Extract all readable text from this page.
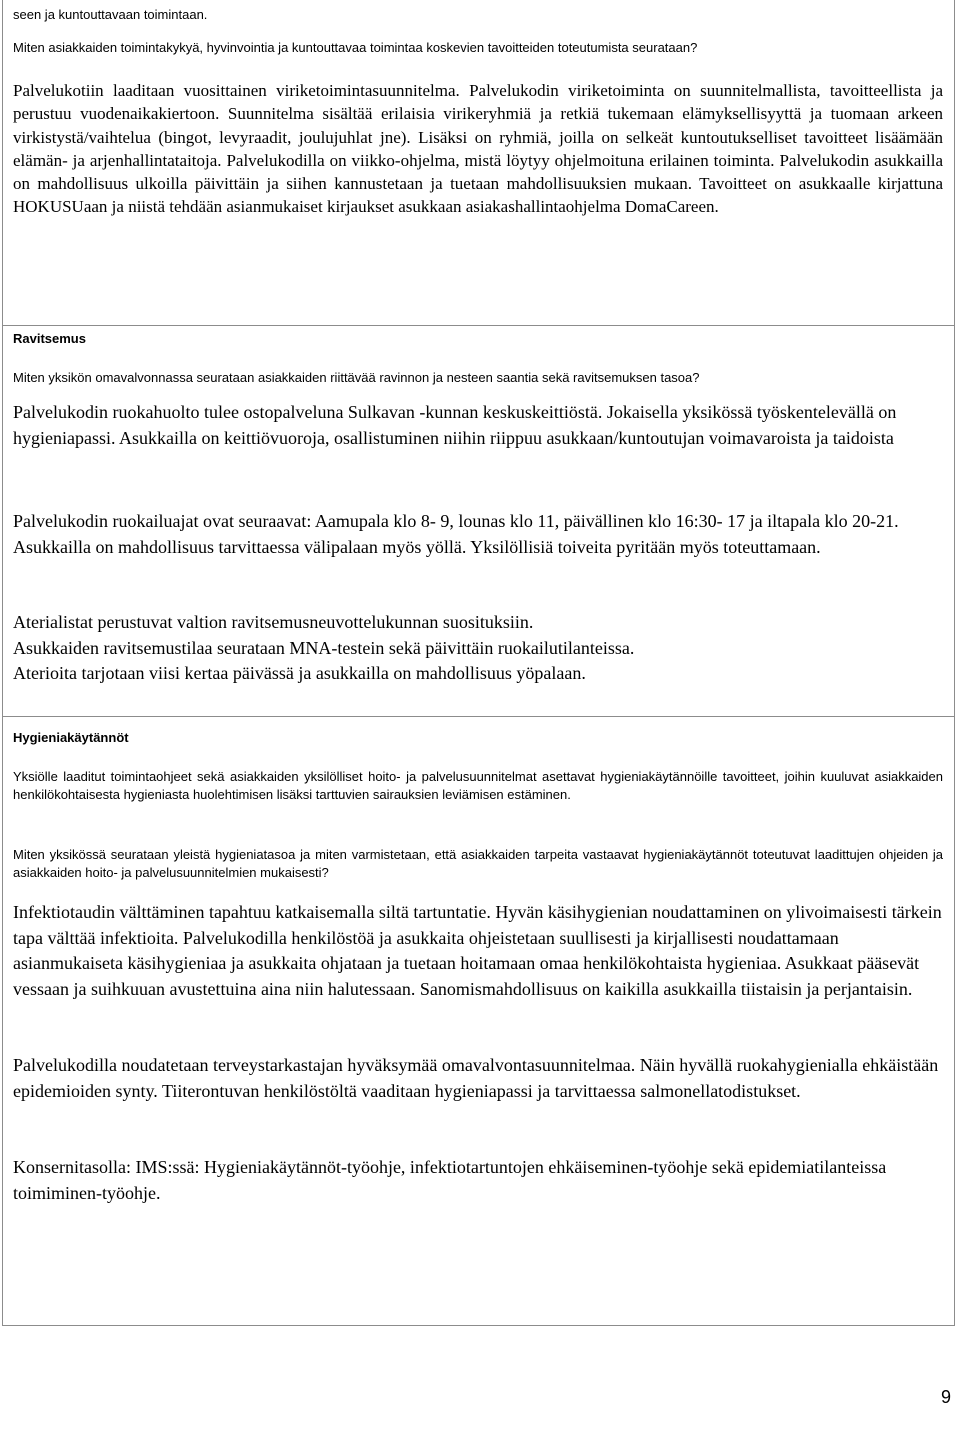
seen ja kuntouttavaan toimintaan.

Miten asiakkaiden toimintakykyä, hyvinvointia ja kuntouttavaa toimintaa koskevien tavoitteiden toteutumista seurataan?

Palvelukotiin laaditaan vuosittainen viriketoimintasuunnitelma. Palvelukodin viriketoiminta on suunnitelmallista, tavoitteellista ja perustuu vuodenaikakiertoon. Suunnitelma sisältää erilaisia virikeryhmiä ja retkiä tukemaan elämyksellisyyttä ja tuomaan arkeen virkistystä/vaihtelua (bingot, levyraadit, joulujuhlat jne). Lisäksi on ryhmiä, joilla on selkeät kuntoutukselliset tavoitteet lisäämään elämän- ja arjenhallintataitoja. Palvelukodilla on viikko-ohjelma, mistä löytyy ohjelmoituna erilainen toiminta. Palvelukodin asukkailla on mahdollisuus ulkoilla päivittäin ja siihen kannustetaan ja tuetaan mahdollisuuksien mukaan. Tavoitteet on asukkaalle kirjattuna HOKUSUaan ja niistä tehdään asianmukaiset kirjaukset asukkaan asiakashallintaohjelma DomaCareen.

Ravitsemus

Miten yksikön omavalvonnassa seurataan asiakkaiden riittävää ravinnon ja nesteen saantia sekä ravitsemuksen tasoa?

Palvelukodin ruokahuolto tulee ostopalveluna Sulkavan -kunnan keskuskeittiöstä. Jokaisella yksikössä työskentelevällä on hygieniapassi. Asukkailla on keittiövuoroja, osallistuminen niihin riippuu asukkaan/kuntoutujan voimavaroista ja taidoista

Palvelukodin ruokailuajat ovat seuraavat: Aamupala klo 8- 9, lounas klo 11, päivällinen klo 16:30- 17 ja iltapala klo 20-21. Asukkailla on mahdollisuus tarvittaessa välipalaan myös yöllä. Yksilöllisiä toiveita pyritään myös toteuttamaan.

Aterialistat perustuvat valtion ravitsemusneuvottelukunnan suosituksiin.

Asukkaiden ravitsemustilaa seurataan MNA-testein sekä päivittäin ruokailutilanteissa.

Aterioita tarjotaan viisi kertaa päivässä ja asukkailla on mahdollisuus yöpalaan.

Hygieniakäytännöt

Yksiölle laaditut toimintaohjeet sekä asiakkaiden yksilölliset hoito- ja palvelusuunnitelmat asettavat hygieniakäytännöille tavoitteet, joihin kuuluvat asiakkaiden henkilökohtaisesta hygieniasta huolehtimisen lisäksi tarttuvien sairauksien leviämisen estäminen.

Miten yksikössä seurataan yleistä hygieniatasoa ja miten varmistetaan, että asiakkaiden tarpeita vastaavat hygieniakäytännöt toteutuvat laadittujen ohjeiden ja asiakkaiden hoito- ja palvelusuunnitelmien mukaisesti?

Infektiotaudin välttäminen tapahtuu katkaisemalla siltä tartuntatie. Hyvän käsihygienian noudattaminen on ylivoimaisesti tärkein tapa välttää infektioita. Palvelukodilla henkilöstöä ja asukkaita ohjeistetaan suullisesti ja kirjallisesti noudattamaan asianmukaiseta käsihygieniaa ja asukkaita ohjataan ja tuetaan hoitamaan omaa henkilökohtaista hygieniaa. Asukkaat pääsevät vessaan ja suihkuuan avustettuina aina niin halutessaan. Sanomismahdollisuus on kaikilla asukkailla tiistaisin ja perjantaisin.

Palvelukodilla noudatetaan terveystarkastajan hyväksymää omavalvontasuunnitelmaa. Näin hyvällä ruokahygienialla ehkäistään epidemioiden synty. Tiiterontuvan henkilöstöltä vaaditaan hygieniapassi ja tarvittaessa salmonellatodistukset.

Konsernitasolla: IMS:ssä: Hygieniakäytännöt-työohje, infektiotartuntojen ehkäiseminen-työohje sekä epidemiatilanteissa toimiminen-työohje.

9
